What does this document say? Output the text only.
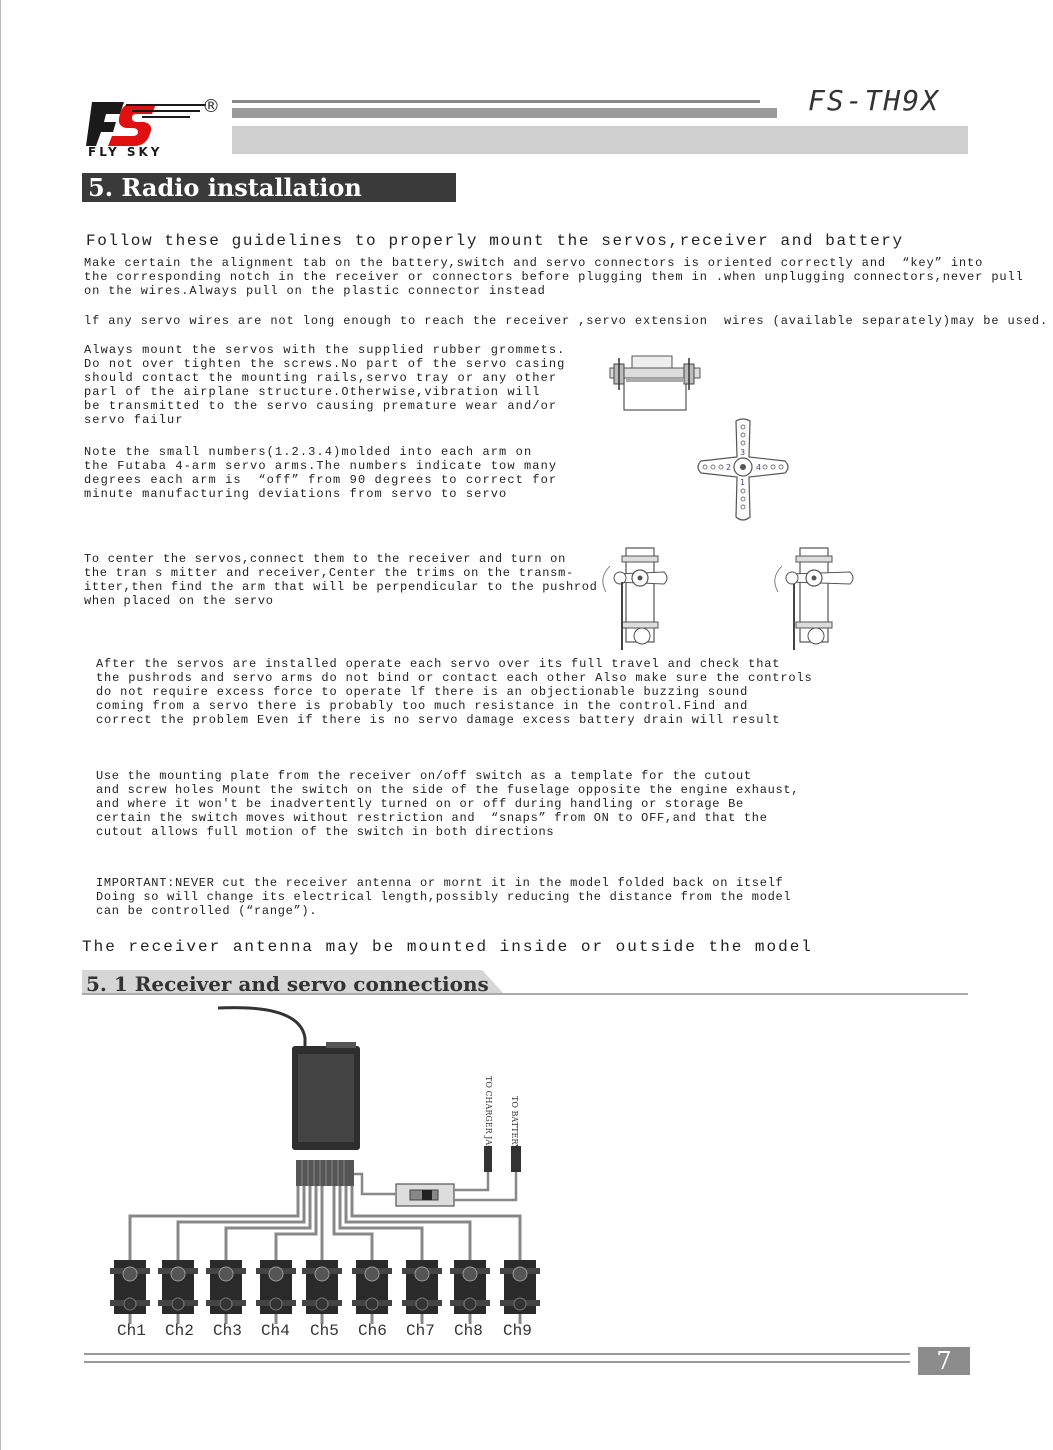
FLY SKY
®	FS-TH9X
5. Radio installation
Follow these guidelines to properly mount the servos,receiver and battery
Make certain the alignment tab on the battery,switch and servo connectors is oriented correctly and  “key” into
the corresponding notch in the receiver or connectors before plugging them in .when unplugging connectors,never pull
on the wires.Always pull on the plastic connector instead
lf any servo wires are not long enough to reach the receiver ,servo extension  wires (available separately)may be used.
Always mount the servos with the supplied rubber grommets.
Do not over tighten the screws.No part of the servo casing
should contact the mounting rails,servo tray or any other
parl of the airplane structure.Otherwise,vibration will
be transmitted to the servo causing premature wear and/or
servo failur
Note the small numbers(1.2.3.4)molded into each arm on
the Futaba 4-arm servo arms.The numbers indicate tow many
degrees each arm is  “off” from 90 degrees to correct for
minute manufacturing deviations from servo to servo
To center the servos,connect them to the receiver and turn on
the tran s mitter and receiver,Center the trims on the transm-
itter,then find the arm that will be perpendicular to the pushrod
when placed on the servo
After the servos are installed operate each servo over its full travel and check that
the pushrods and servo arms do not bind or contact each other Also make sure the controls
do not require excess force to operate lf there is an objectionable buzzing sound
coming from a servo there is probably too much resistance in the control.Find and
correct the problem Even if there is no servo damage excess battery drain will result
Use the mounting plate from the receiver on/off switch as a template for the cutout
and screw holes Mount the switch on the side of the fuselage opposite the engine exhaust,
and where it won't be inadvertently turned on or off during handling or storage Be
certain the switch moves without restriction and  “snaps” from ON to OFF,and that the
cutout allows full motion of the switch in both directions
IMPORTANT:NEVER cut the receiver antenna or mornt it in the model folded back on itself
Doing so will change its electrical length,possibly reducing the distance from the model
can be controlled (“range”).
The receiver antenna may be mounted inside or outside the model
3
2	4
1
5. 1 Receiver and servo connections
TO CHARGER JACK TO BATTERY
Ch1 Ch2 Ch3 Ch4 Ch5 Ch6 Ch7 Ch8 Ch9
7
